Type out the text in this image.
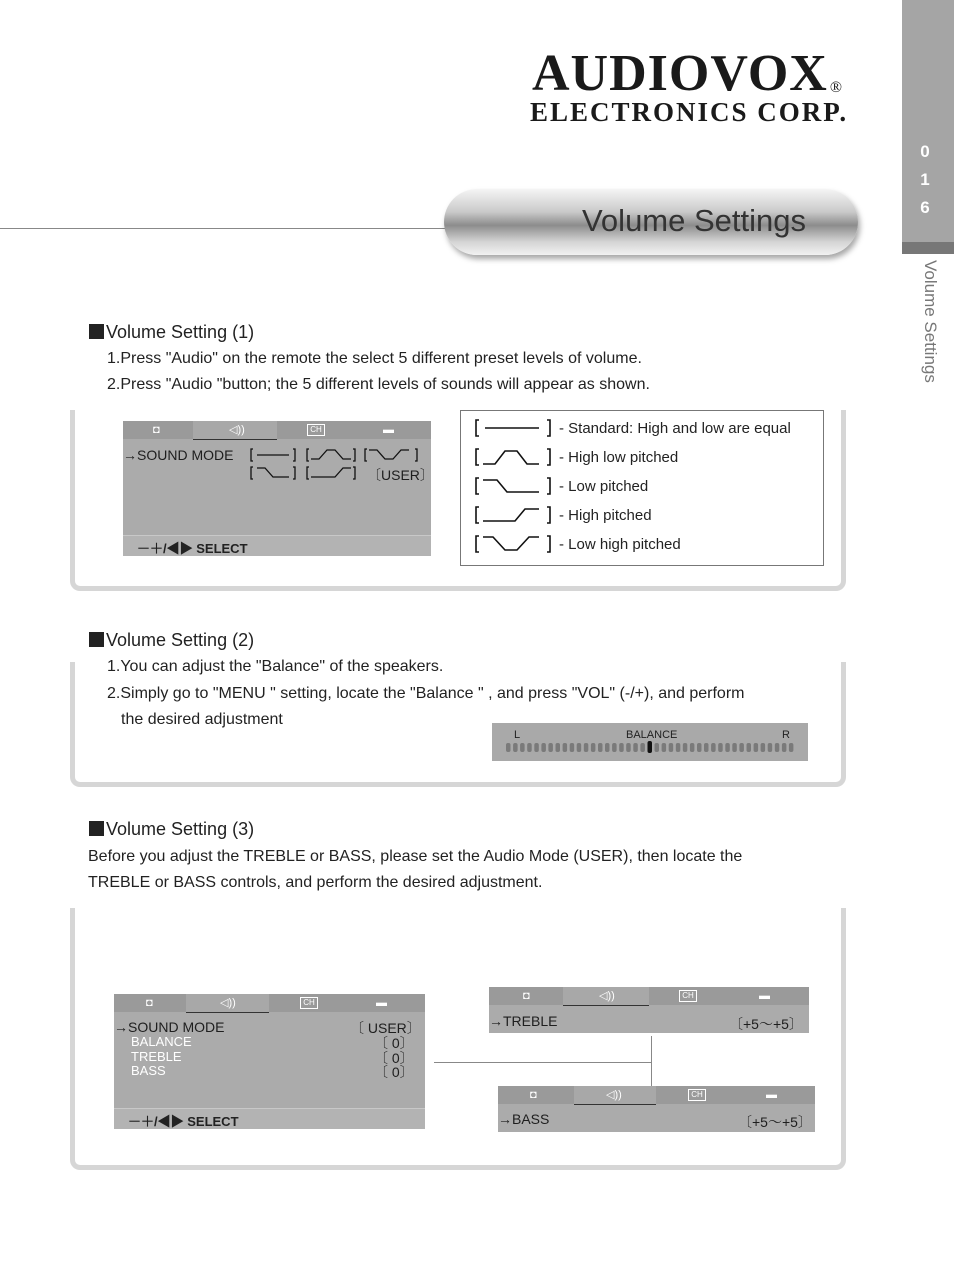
AUDIOVOX ®
ELECTRONICS CORP.
0
1
6
Volume Settings
Volume Settings
Volume Setting (1)
1.Press "Audio" on the remote the select 5 different preset levels of volume.
2.Press "Audio "button; the 5 different levels of sounds will appear as shown.
◘	◁))	CH	▬
→SOUND MODE
〔USER〕
－＋/◀▶ SELECT
- Standard: High and low are equal
- High low pitched
- Low pitched
- High pitched
- Low high pitched
Volume Setting (2)
1.You can adjust the "Balance" of the speakers.
2.Simply go to "MENU " setting, locate the "Balance " , and press "VOL" (-/+), and perform
the desired adjustment
L	BALANCE	R
Volume Setting (3)
Before you adjust the TREBLE or BASS, please set the Audio Mode (USER), then locate the
TREBLE or BASS controls, and perform the desired adjustment.
◘	◁))	CH	▬
→SOUND MODE	〔 USER〕
BALANCE	〔 0〕
TREBLE	〔 0〕
BASS	〔 0〕
－＋/◀▶ SELECT
◘	◁))	CH	▬
→TREBLE	〔+5〜+5〕
◘	◁))	CH	▬
→BASS	〔+5〜+5〕
